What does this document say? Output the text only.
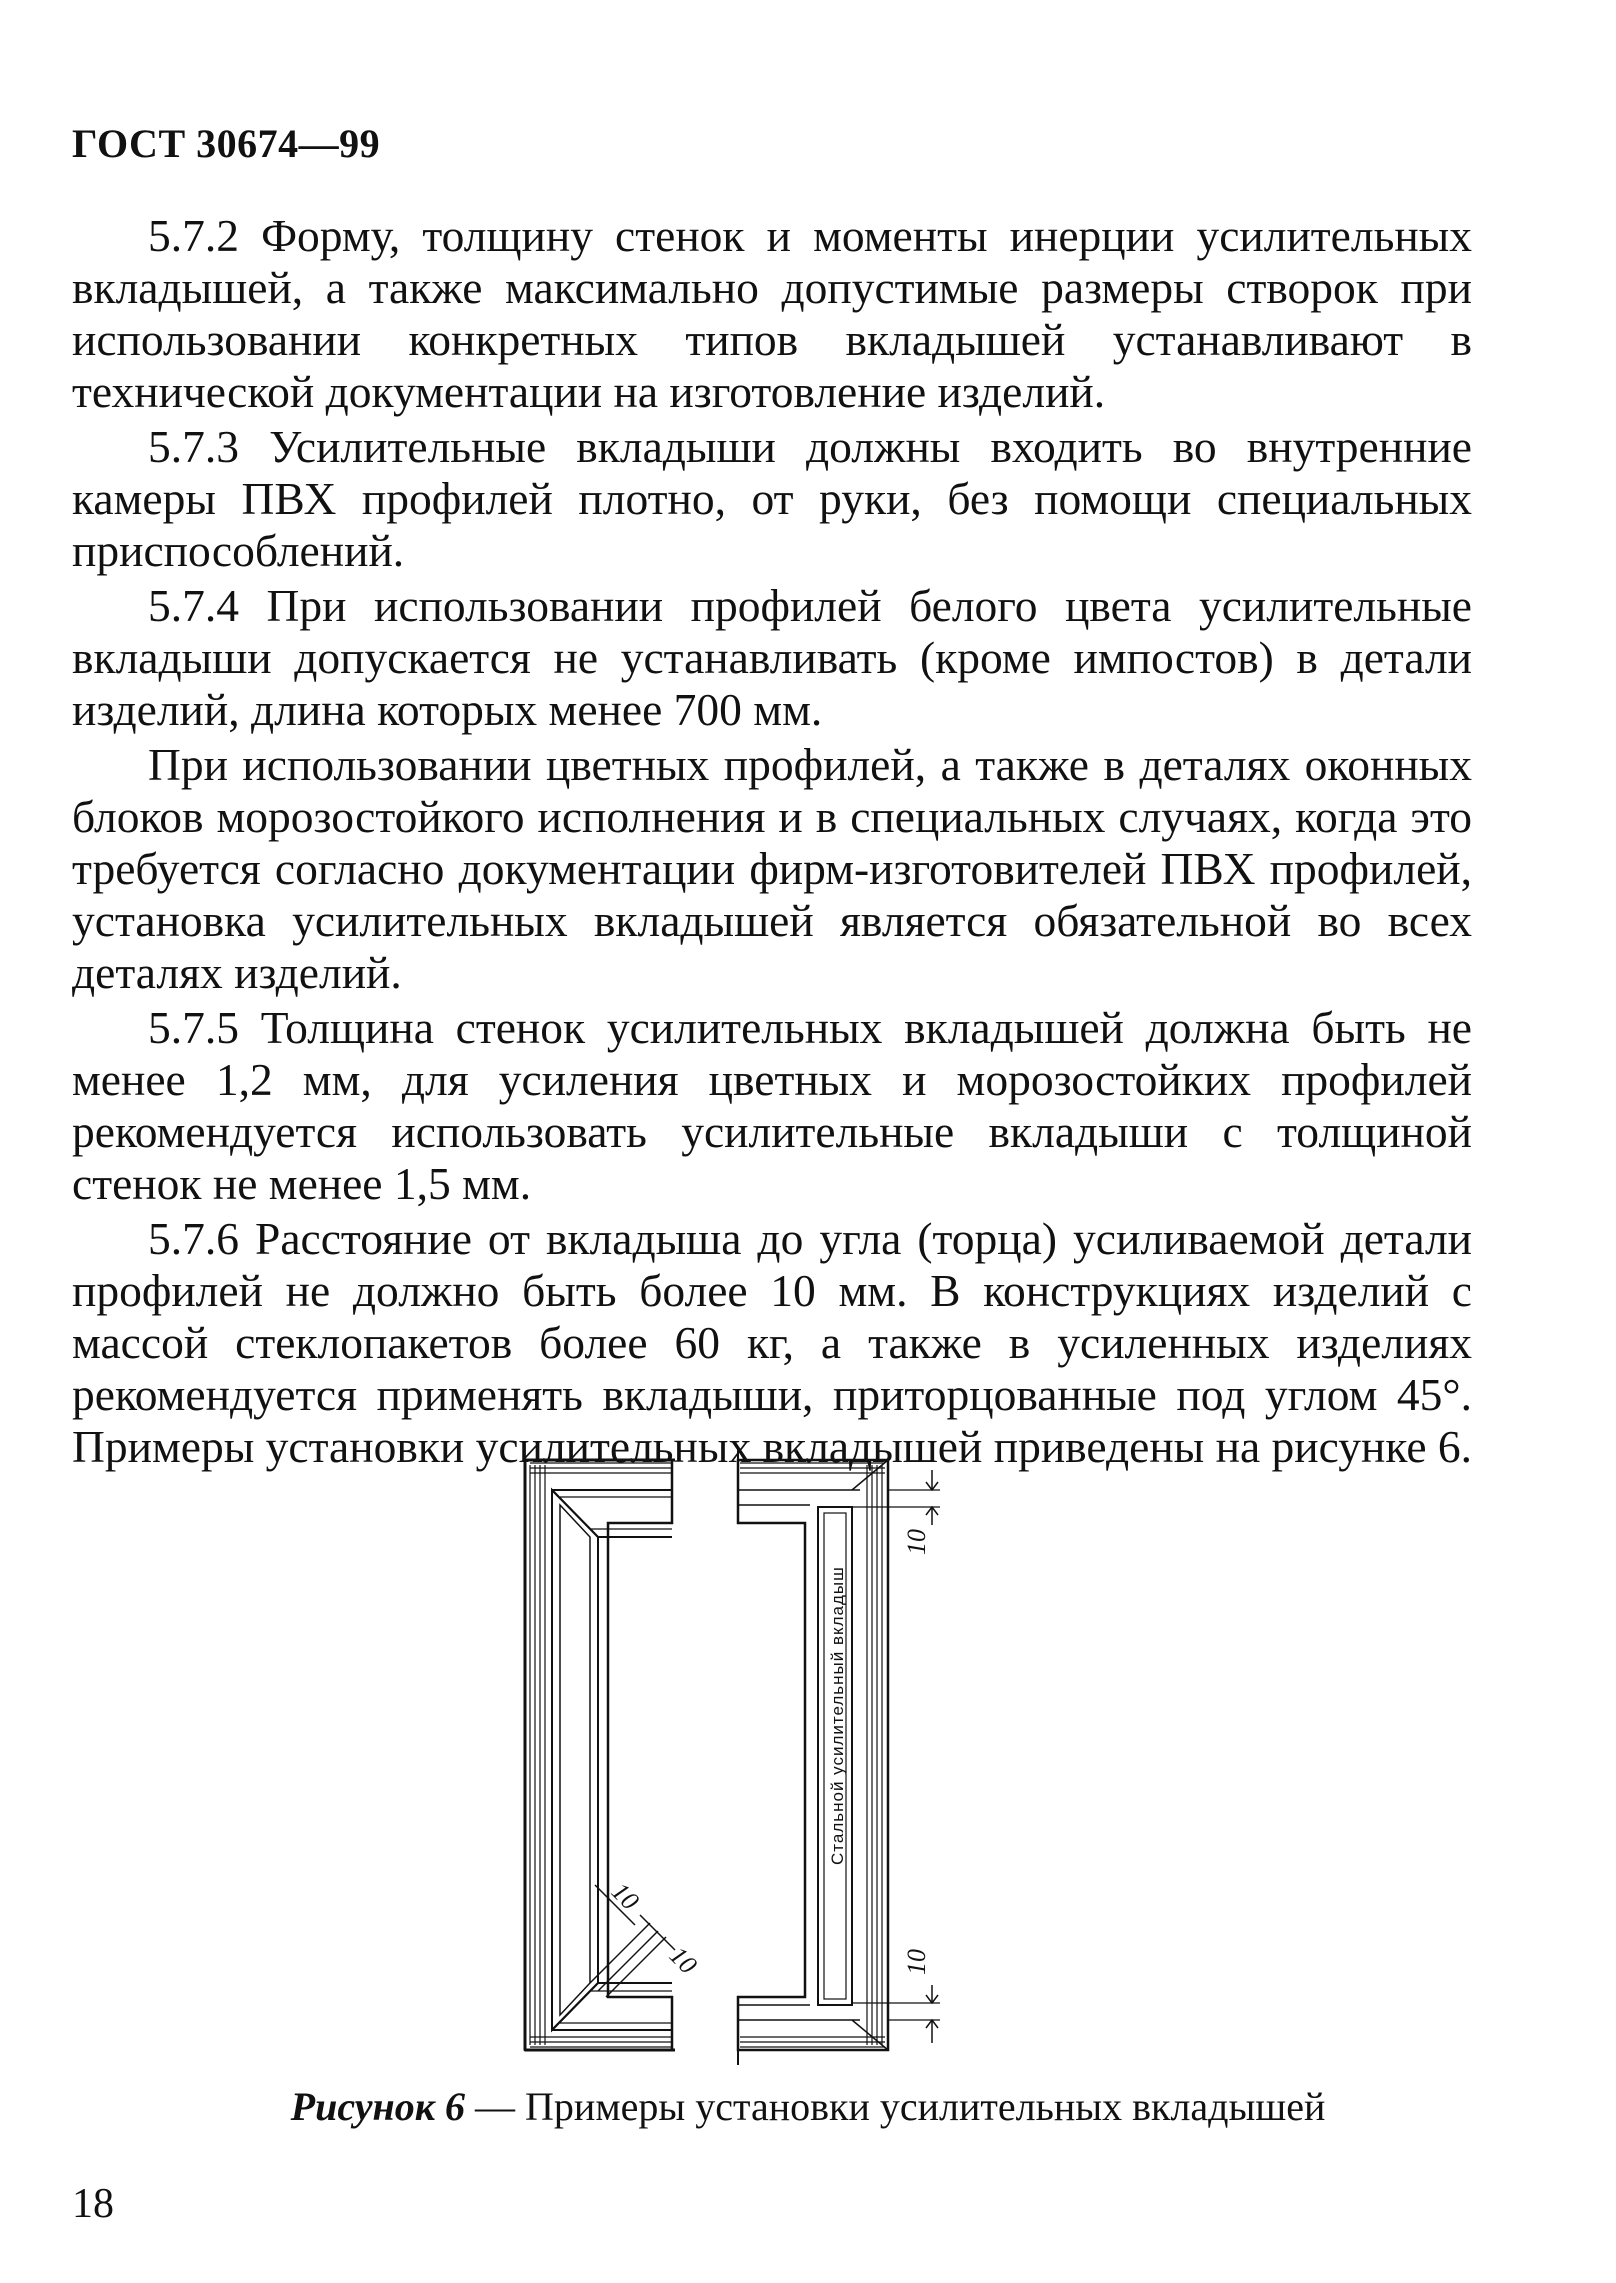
ГОСТ 30674—99

5.7.2 Форму, толщину стенок и моменты инерции усилительных вкладышей, а также максимально допустимые размеры створок при использовании конкретных типов вкладышей устанавливают в технической документации на изготовление изделий.

5.7.3 Усилительные вкладыши должны входить во внутренние камеры ПВХ профилей плотно, от руки, без помощи специальных приспособлений.

5.7.4 При использовании профилей белого цвета усилительные вкладыши допускается не устанавливать (кроме импостов) в детали изделий, длина которых менее 700 мм.

При использовании цветных профилей, а также в деталях оконных блоков морозостойкого исполнения и в специальных случаях, когда это требуется согласно документации фирм-изготовителей ПВХ профилей, установка усилительных вкладышей является обязательной во всех деталях изделий.

5.7.5 Толщина стенок усилительных вкладышей должна быть не менее 1,2 мм, для усиления цветных и морозостойких профилей рекомендуется использовать усилительные вкладыши с толщиной стенок не менее 1,5 мм.

5.7.6 Расстояние от вкладыша до угла (торца) усиливаемой детали профилей не должно быть более 10 мм. В конструкциях изделий с массой стеклопакетов более 60 кг, а также в усиленных изделиях рекомендуется применять вкладыши, приторцованные под углом 45°. Примеры установки усилительных вкладышей приведены на рисунке 6.

10
10
10
10
Стальной усилительный вкладыш
Рисунок 6 — Примеры установки усилительных вкладышей
18
